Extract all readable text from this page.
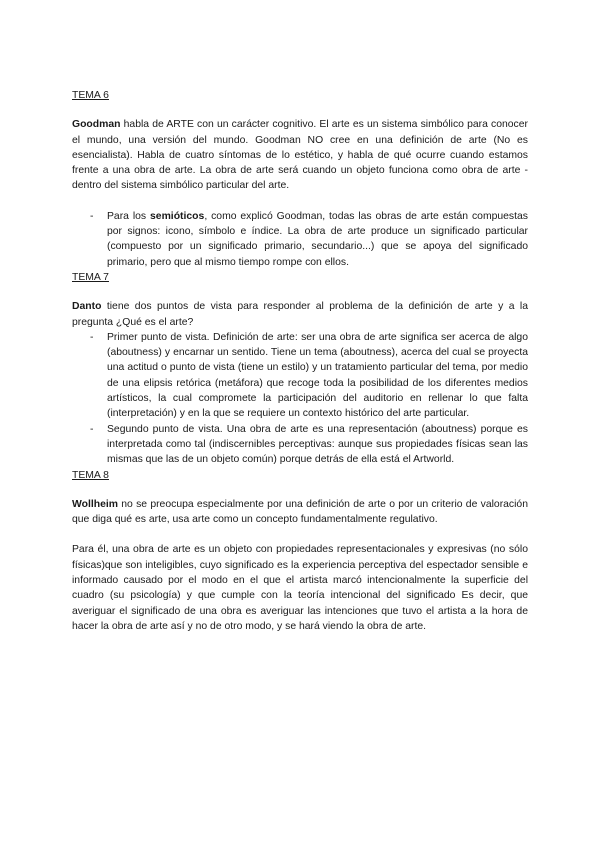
TEMA 6

Goodman habla de ARTE con un carácter cognitivo. El arte es un sistema simbólico para conocer el mundo, una versión del mundo. Goodman NO cree en una definición de arte (No es esencialista). Habla de cuatro síntomas de lo estético, y habla de qué ocurre cuando estamos frente a una obra de arte. La obra de arte será cuando un objeto funciona como obra de arte - dentro del sistema simbólico particular del arte.

- Para los semióticos, como explicó Goodman, todas las obras de arte están compuestas por signos: icono, símbolo e índice. La obra de arte produce un significado particular (compuesto por un significado primario, secundario...) que se apoya del significado primario, pero que al mismo tiempo rompe con ellos.
TEMA 7

Danto tiene dos puntos de vista para responder al problema de la definición de arte y a la pregunta ¿Qué es el arte?

- Primer punto de vista. Definición de arte: ser una obra de arte significa ser acerca de algo (aboutness) y encarnar un sentido. Tiene un tema (aboutness), acerca del cual se proyecta una actitud o punto de vista (tiene un estilo) y un tratamiento particular del tema, por medio de una elipsis retórica (metáfora) que recoge toda la posibilidad de los diferentes medios artísticos, la cual compromete la participación del auditorio en rellenar lo que falta (interpretación) y en la que se requiere un contexto histórico del arte particular.
- Segundo punto de vista. Una obra de arte es una representación (aboutness) porque es interpretada como tal (indiscernibles perceptivas: aunque sus propiedades físicas sean las mismas que las de un objeto común) porque detrás de ella está el Artworld.
TEMA 8

Wollheim no se preocupa especialmente por una definición de arte o por un criterio de valoración que diga qué es arte, usa arte como un concepto fundamentalmente regulativo.

Para él, una obra de arte es un objeto con propiedades representacionales y expresivas (no sólo físicas)que son inteligibles, cuyo significado es la experiencia perceptiva del espectador sensible e informado causado por el modo en el que el artista marcó intencionalmente la superficie del cuadro (su psicología) y que cumple con la teoría intencional del significado Es decir, que averiguar el significado de una obra es averiguar las intenciones que tuvo el artista a la hora de hacer la obra de arte así y no de otro modo, y se hará viendo la obra de arte.
